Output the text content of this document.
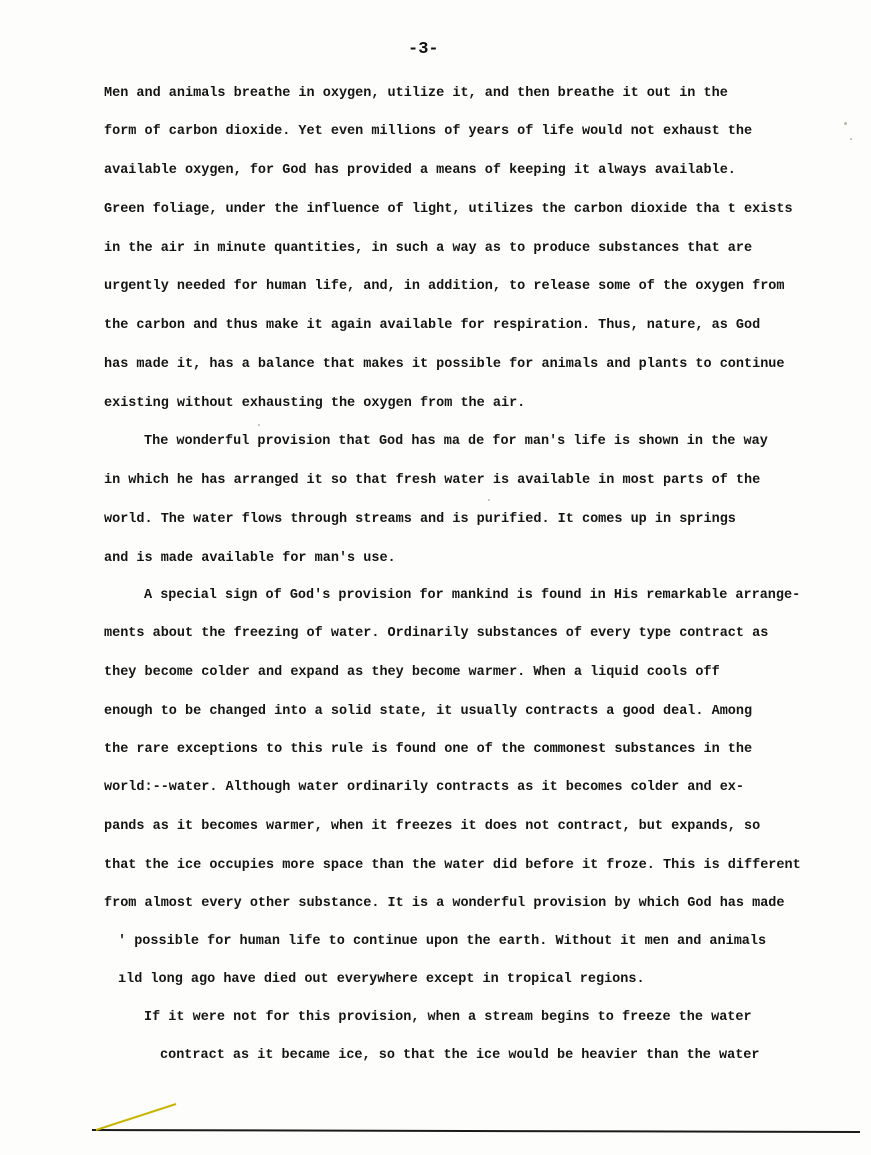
-3-
Men and animals breathe in oxygen, utilize it, and then breathe it out in the
form of carbon dioxide. Yet even millions of years of life would not exhaust the
available oxygen, for God has provided a means of keeping it always available.
Green foliage, under the influence of light, utilizes the carbon dioxide tha t exists
in the air in minute quantities, in such a way as to produce substances that are
urgently needed for human life, and, in addition, to release some of the oxygen from
the carbon and thus make it again available for respiration. Thus, nature, as God
has made it, has a balance that makes it possible for animals and plants to continue
existing without exhausting the oxygen from the air.
The wonderful provision that God has ma de for man's life is shown in the way
in which he has arranged it so that fresh water is available in most parts of the
world. The water flows through streams and is purified. It comes up in springs
and is made available for man's use.
A special sign of God's provision for mankind is found in His remarkable arrange-
ments about the freezing of water. Ordinarily substances of every type contract as
they become colder and expand as they become warmer. When a liquid cools off
enough to be changed into a solid state, it usually contracts a good deal. Among
the rare exceptions to this rule is found one of the commonest substances in the
world:--water. Although water ordinarily contracts as it becomes colder and ex-
pands as it becomes warmer, when it freezes it does not contract, but expands, so
that the ice occupies more space than the water did before it froze. This is different
from almost every other substance. It is a wonderful provision by which God has made
' possible for human life to continue upon the earth. Without it men and animals
ıld long ago have died out everywhere except in tropical regions.
If it were not for this provision, when a stream begins to freeze the water
contract as it became ice, so that the ice would be heavier than the water
